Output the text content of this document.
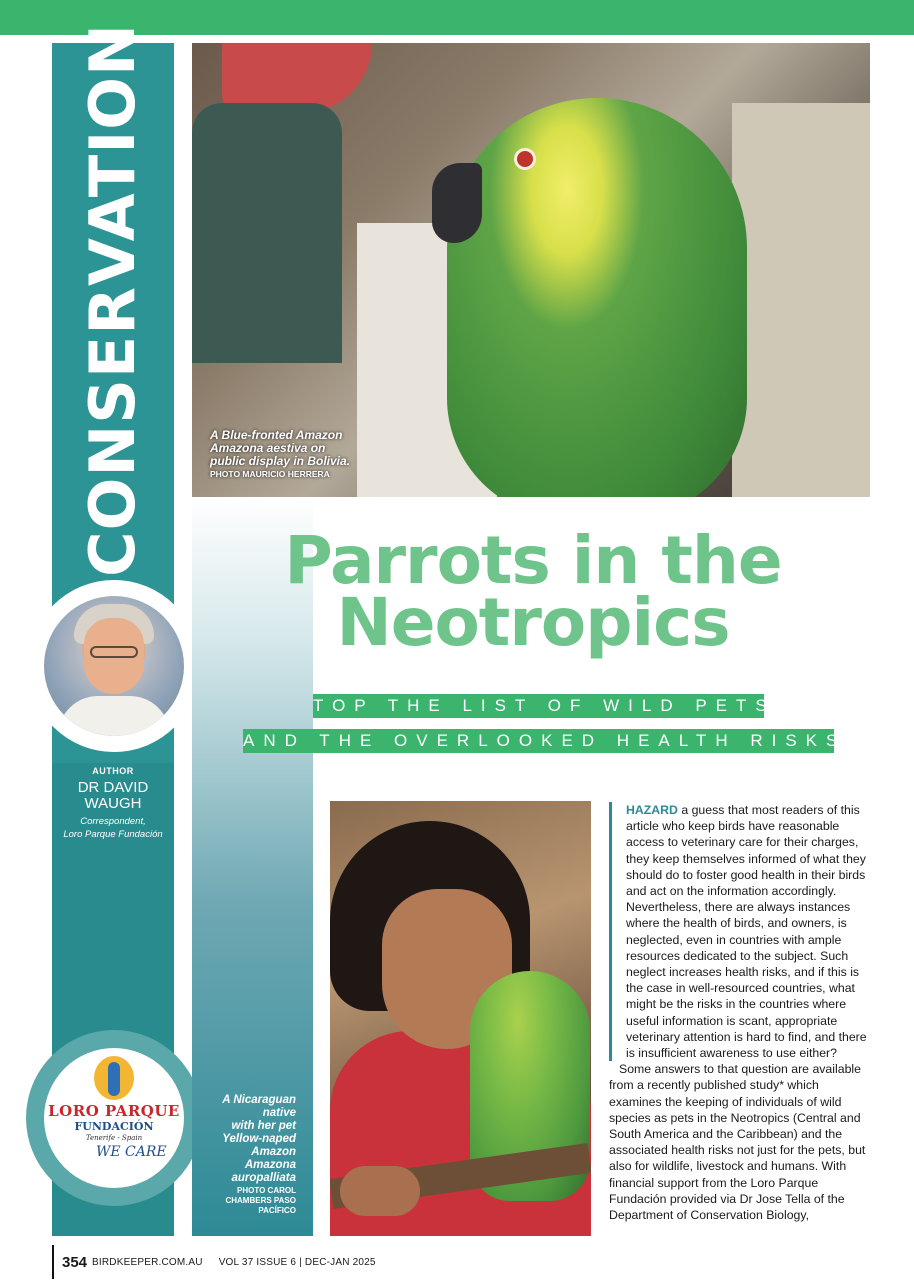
CONSERVATION
AUTHOR
DR DAVID
WAUGH
Correspondent,
Loro Parque Fundación
LORO PARQUE
FUNDACIÓN
Tenerife - Spain
WE CARE
A Blue-fronted Amazon
Amazona aestiva on
public display in Bolivia.
PHOTO MAURICIO HERRERA
Parrots in the
Neotropics
TOP THE LIST OF WILD PETS
AND THE OVERLOOKED HEALTH RISKS
A Nicaraguan
native
with her pet
Yellow-naped
Amazon
Amazona
auropalliata
PHOTO CAROL
CHAMBERS PASO
PACÍFICO

HAZARD a guess that most readers of this article who keep birds have reasonable access to veterinary care for their charges, they keep themselves informed of what they should do to foster good health in their birds and act on the information accordingly. Nevertheless, there are always instances where the health of birds, and owners, is neglected, even in countries with ample resources dedicated to the subject. Such neglect increases health risks, and if this is the case in well-resourced countries, what might be the risks in the countries where useful information is scant, appropriate veterinary attention is hard to find, and there is insufficient awareness to use either?

Some answers to that question are available from a recently published study* which examines the keeping of individuals of wild species as pets in the Neotropics (Central and South America and the Caribbean) and the associated health risks not just for the pets, but also for wildlife, livestock and humans. With financial support from the Loro Parque Fundación provided via Dr Jose Tella of the Department of Conservation Biology,

354 BIRDKEEPER.COM.AU VOL 37 ISSUE 6 | DEC-JAN 2025
